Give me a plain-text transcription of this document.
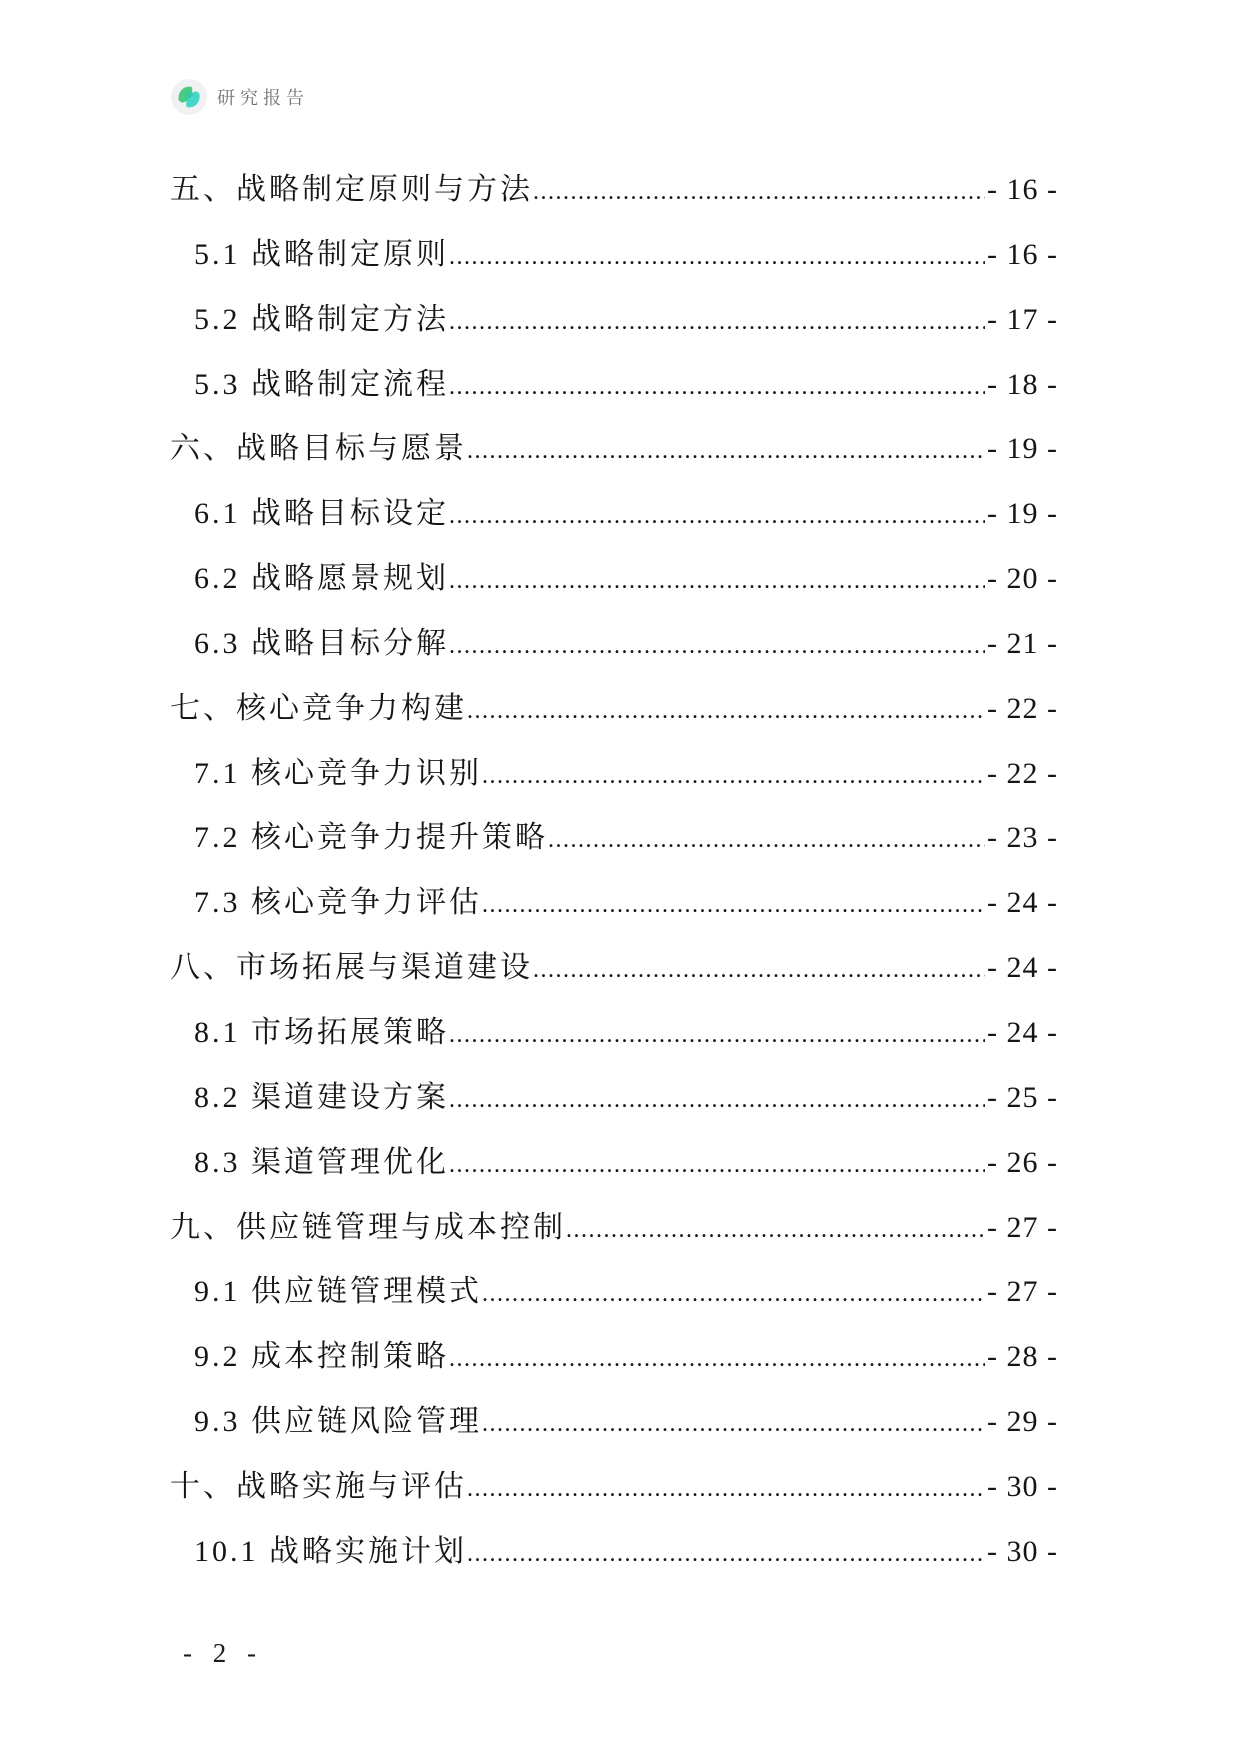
研究报告
五、战略制定原则与方法 .....	- 16 -
5.1 战略制定原则 .....	- 16 -
5.2 战略制定方法 .....	- 17 -
5.3 战略制定流程 .....	- 18 -
六、战略目标与愿景 .....	- 19 -
6.1 战略目标设定 .....	- 19 -
6.2 战略愿景规划 .....	- 20 -
6.3 战略目标分解 .....	- 21 -
七、核心竞争力构建 .....	- 22 -
7.1 核心竞争力识别 .....	- 22 -
7.2 核心竞争力提升策略 .....	- 23 -
7.3 核心竞争力评估 .....	- 24 -
八、市场拓展与渠道建设 .....	- 24 -
8.1 市场拓展策略 .....	- 24 -
8.2 渠道建设方案 .....	- 25 -
8.3 渠道管理优化 .....	- 26 -
九、供应链管理与成本控制 .....	- 27 -
9.1 供应链管理模式 .....	- 27 -
9.2 成本控制策略 .....	- 28 -
9.3 供应链风险管理 .....	- 29 -
十、战略实施与评估 .....	- 30 -
10.1 战略实施计划 .....	- 30 -
- 2 -
